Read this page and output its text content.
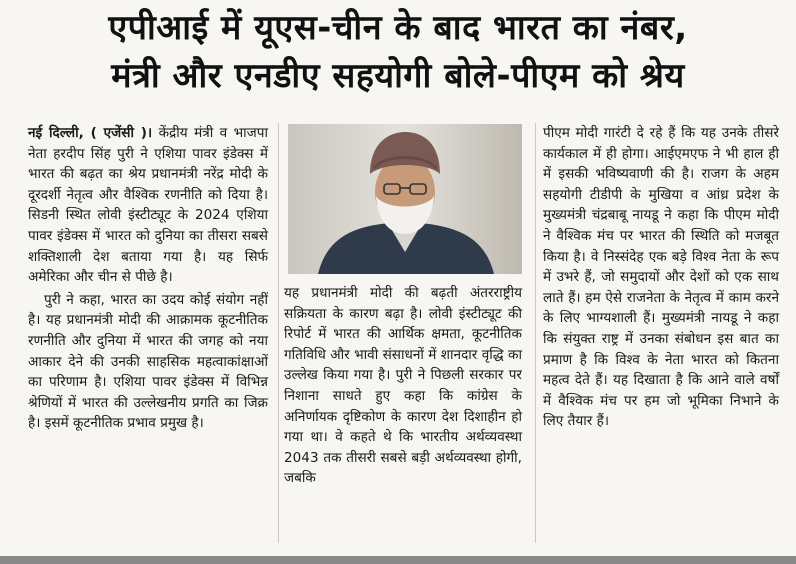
एपीआई में यूएस-चीन के बाद भारत का नंबर,
मंत्री और एनडीए सहयोगी बोले-पीएम को श्रेय

नई दिल्ली, ( एजेंसी )। केंद्रीय मंत्री व भाजपा नेता हरदीप सिंह पुरी ने एशिया पावर इंडेक्स में भारत की बढ़त का श्रेय प्रधानमंत्री नरेंद्र मोदी के दूरदर्शी नेतृत्व और वैश्विक रणनीति को दिया है। सिडनी स्थित लोवी इंस्टीट्यूट के 2024 एशिया पावर इंडेक्स में भारत को दुनिया का तीसरा सबसे शक्तिशाली देश बताया गया है। यह सिर्फ अमेरिका और चीन से पीछे है।

पुरी ने कहा, भारत का उदय कोई संयोग नहीं है। यह प्रधानमंत्री मोदी की आक्रामक कूटनीतिक रणनीति और दुनिया में भारत की जगह को नया आकार देने की उनकी साहसिक महत्वाकांक्षाओं का परिणाम है। एशिया पावर इंडेक्स में विभिन्न श्रेणियों में भारत की उल्लेखनीय प्रगति का जिक्र है। इसमें कूटनीतिक प्रभाव प्रमुख है।

यह प्रधानमंत्री मोदी की बढ़ती अंतरराष्ट्रीय सक्रियता के कारण बढ़ा है। लोवी इंस्टीट्यूट की रिपोर्ट में भारत की आर्थिक क्षमता, कूटनीतिक गतिविधि और भावी संसाधनों में शानदार वृद्धि का उल्लेख किया गया है। पुरी ने पिछली सरकार पर निशाना साधते हुए कहा कि कांग्रेस के अनिर्णायक दृष्टिकोण के कारण देश दिशाहीन हो गया था। वे कहते थे कि भारतीय अर्थव्यवस्था 2043 तक तीसरी सबसे बड़ी अर्थव्यवस्था होगी, जबकि

पीएम मोदी गारंटी दे रहे हैं कि यह उनके तीसरे कार्यकाल में ही होगा। आईएमएफ ने भी हाल ही में इसकी भविष्यवाणी की है। राजग के अहम सहयोगी टीडीपी के मुखिया व आंध्र प्रदेश के मुख्यमंत्री चंद्रबाबू नायडू ने कहा कि पीएम मोदी ने वैश्विक मंच पर भारत की स्थिति को मजबूत किया है। वे निस्संदेह एक बड़े विश्व नेता के रूप में उभरे हैं, जो समुदायों और देशों को एक साथ लाते हैं। हम ऐसे राजनेता के नेतृत्व में काम करने के लिए भाग्यशाली हैं। मुख्यमंत्री नायडू ने कहा कि संयुक्त राष्ट्र में उनका संबोधन इस बात का प्रमाण है कि विश्व के नेता भारत को कितना महत्व देते हैं। यह दिखाता है कि आने वाले वर्षों में वैश्विक मंच पर हम जो भूमिका निभाने के लिए तैयार हैं।
